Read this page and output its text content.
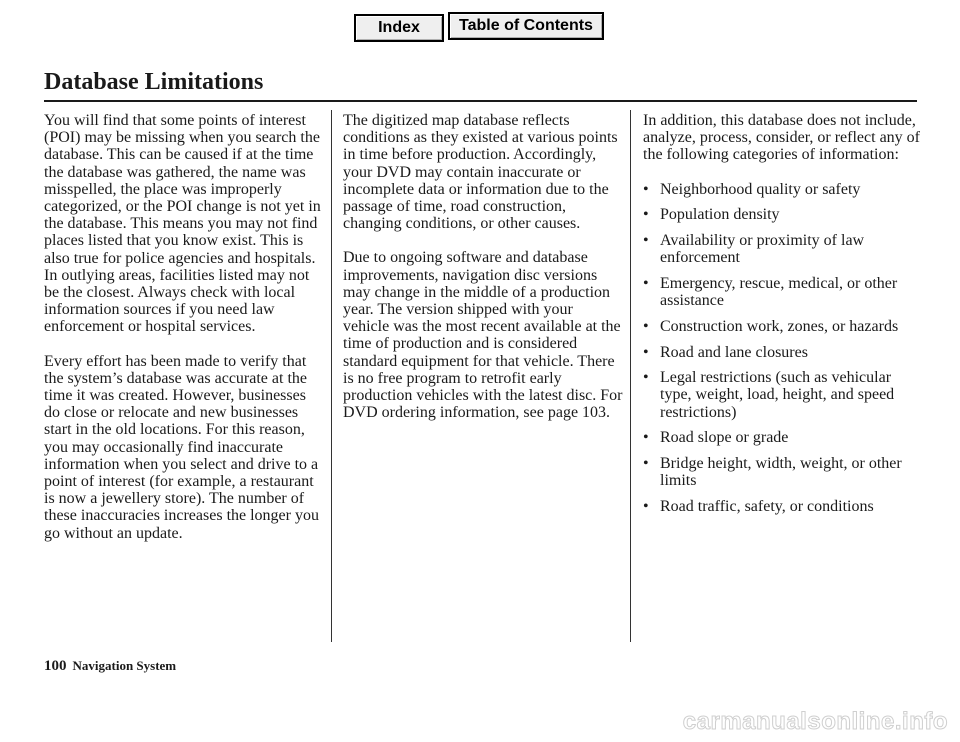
Index	Table of Contents
Database Limitations

You will find that some points of interest (POI) may be missing when you search the database. This can be caused if at the time the database was gathered, the name was misspelled, the place was improperly categorized, or the POI change is not yet in the database. This means you may not find places listed that you know exist. This is also true for police agencies and hospitals. In outlying areas, facilities listed may not be the closest. Always check with local information sources if you need law enforcement or hospital services.

Every effort has been made to verify that the system’s database was accurate at the time it was created. However, businesses do close or relocate and new businesses start in the old locations. For this reason, you may occasionally find inaccurate information when you select and drive to a point of interest (for example, a restaurant is now a jewellery store). The number of these inaccuracies increases the longer you go without an update.

The digitized map database reflects conditions as they existed at various points in time before production. Accordingly, your DVD may contain inaccurate or incomplete data or information due to the passage of time, road construction, changing conditions, or other causes.

Due to ongoing software and database improvements, navigation disc versions may change in the middle of a production year. The version shipped with your vehicle was the most recent available at the time of production and is considered standard equipment for that vehicle. There is no free program to retrofit early production vehicles with the latest disc. For DVD ordering information, see page 103.

In addition, this database does not include, analyze, process, consider, or reflect any of the following categories of information:

• Neighborhood quality or safety
• Population density
• Availability or proximity of law enforcement
• Emergency, rescue, medical, or other assistance
• Construction work, zones, or hazards
• Road and lane closures
• Legal restrictions (such as vehicular type, weight, load, height, and speed restrictions)
• Road slope or grade
• Bridge height, width, weight, or other limits
• Road traffic, safety, or conditions
100 Navigation System
carmanualsonline.info
